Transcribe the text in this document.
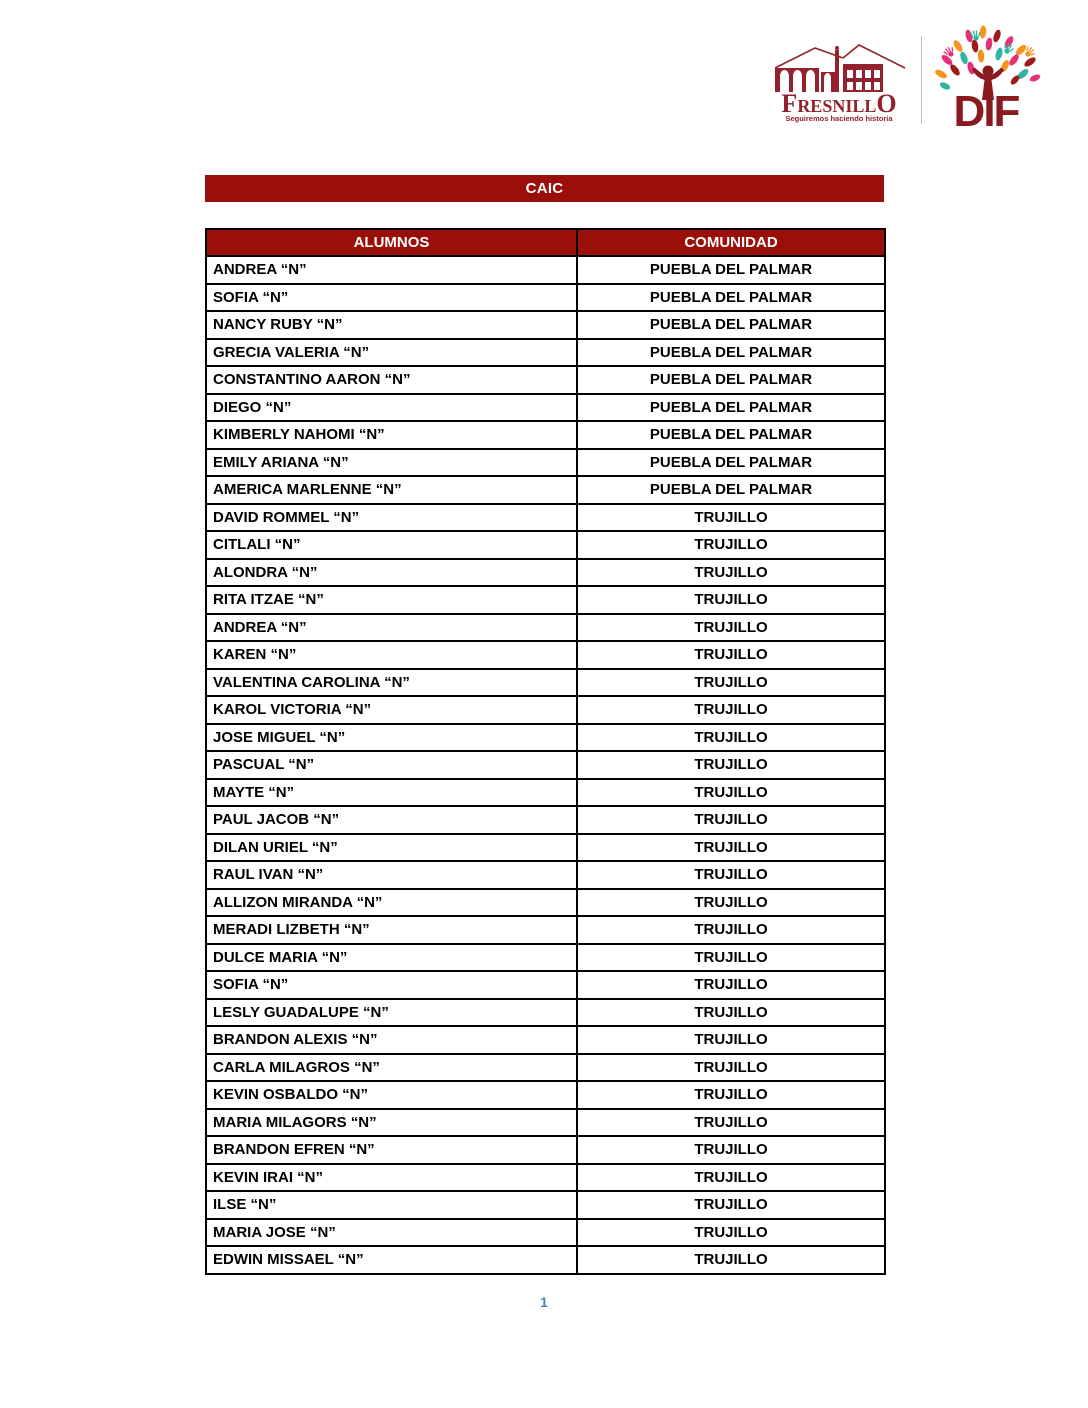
FRESNILLO
Seguiremos haciendo historia DIF
CAIC
ALUMNOS	COMUNIDAD
ANDREA “N”	PUEBLA DEL PALMAR
SOFIA “N”	PUEBLA DEL PALMAR
NANCY RUBY “N”	PUEBLA DEL PALMAR
GRECIA VALERIA “N”	PUEBLA DEL PALMAR
CONSTANTINO AARON “N”	PUEBLA DEL PALMAR
DIEGO “N”	PUEBLA DEL PALMAR
KIMBERLY NAHOMI “N”	PUEBLA DEL PALMAR
EMILY ARIANA “N”	PUEBLA DEL PALMAR
AMERICA MARLENNE “N”	PUEBLA DEL PALMAR
DAVID ROMMEL “N”	TRUJILLO
CITLALI “N”	TRUJILLO
ALONDRA “N”	TRUJILLO
RITA ITZAE “N”	TRUJILLO
ANDREA “N”	TRUJILLO
KAREN “N”	TRUJILLO
VALENTINA CAROLINA “N”	TRUJILLO
KAROL VICTORIA “N”	TRUJILLO
JOSE MIGUEL “N”	TRUJILLO
PASCUAL “N”	TRUJILLO
MAYTE “N”	TRUJILLO
PAUL JACOB “N”	TRUJILLO
DILAN URIEL “N”	TRUJILLO
RAUL IVAN “N”	TRUJILLO
ALLIZON MIRANDA “N”	TRUJILLO
MERADI LIZBETH “N”	TRUJILLO
DULCE MARIA “N”	TRUJILLO
SOFIA “N”	TRUJILLO
LESLY GUADALUPE “N”	TRUJILLO
BRANDON ALEXIS “N”	TRUJILLO
CARLA MILAGROS “N”	TRUJILLO
KEVIN OSBALDO “N”	TRUJILLO
MARIA MILAGORS “N”	TRUJILLO
BRANDON EFREN “N”	TRUJILLO
KEVIN IRAI “N”	TRUJILLO
ILSE “N”	TRUJILLO
MARIA JOSE “N”	TRUJILLO
EDWIN MISSAEL “N”	TRUJILLO
1
